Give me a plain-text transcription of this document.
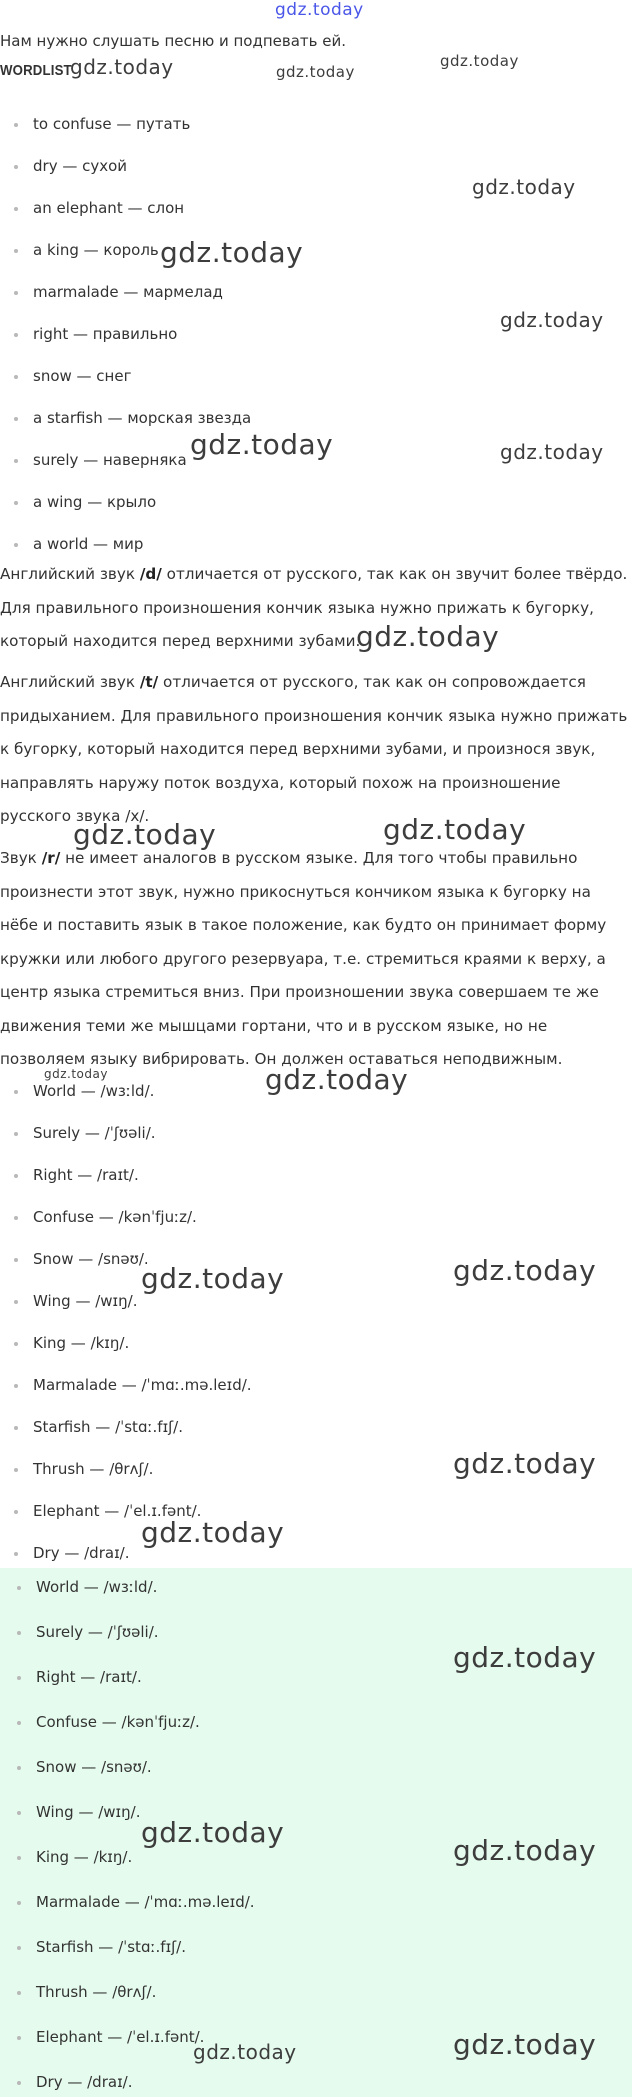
gdz.today
Нам нужно слушать песню и подпевать ей.
WORDLIST
to confuse — путать
dry — сухой
an elephant — слон
a king — король
marmalade — мармелад
right — правильно
snow — снег
a starfish — морская звезда
surely — наверняка
a wing — крыло
a world — мир
Английский звук /d/ отличается от русского, так как он звучит более твёрдо. Для правильного произношения кончик языка нужно прижать к бугорку, который находится перед верхними зубами.
Английский звук /t/ отличается от русского, так как он сопровождается придыханием. Для правильного произношения кончик языка нужно прижать к бугорку, который находится перед верхними зубами, и произнося звук, направлять наружу поток воздуха, который похож на произношение русского звука /х/.
Звук /r/ не имеет аналогов в русском языке. Для того чтобы правильно произнести этот звук, нужно прикоснуться кончиком языка к бугорку на нёбе и поставить язык в такое положение, как будто он принимает форму кружки или любого другого резервуара, т.е. стремиться краями к верху, а центр языка стремиться вниз. При произношении звука совершаем те же движения теми же мышцами гортани, что и в русском языке, но не позволяем языку вибрировать. Он должен оставаться неподвижным.
World — /wɜːld/.
Surely — /ˈʃʊəli/.
Right — /raɪt/.
Confuse — /kənˈfjuːz/.
Snow — /snəʊ/.
Wing — /wɪŋ/.
King — /kɪŋ/.
Marmalade — /ˈmɑː.mə.leɪd/.
Starfish — /ˈstɑː.fɪʃ/.
Thrush — /θrʌʃ/.
Elephant — /ˈel.ɪ.fənt/.
Dry — /draɪ/.
World — /wɜːld/.
Surely — /ˈʃʊəli/.
Right — /raɪt/.
Confuse — /kənˈfjuːz/.
Snow — /snəʊ/.
Wing — /wɪŋ/.
King — /kɪŋ/.
Marmalade — /ˈmɑː.mə.leɪd/.
Starfish — /ˈstɑː.fɪʃ/.
Thrush — /θrʌʃ/.
Elephant — /ˈel.ɪ.fənt/.
Dry — /draɪ/.
gdz.today	gdz.today
gdz.today
gdz.today
gdz.today
gdz.today
gdz.today	gdz.today
gdz.today
gdz.today	gdz.today
gdz.today	gdz.today
gdz.today	gdz.today
gdz.today
gdz.today
gdz.today
gdz.today
gdz.today
gdz.today
gdz.today
